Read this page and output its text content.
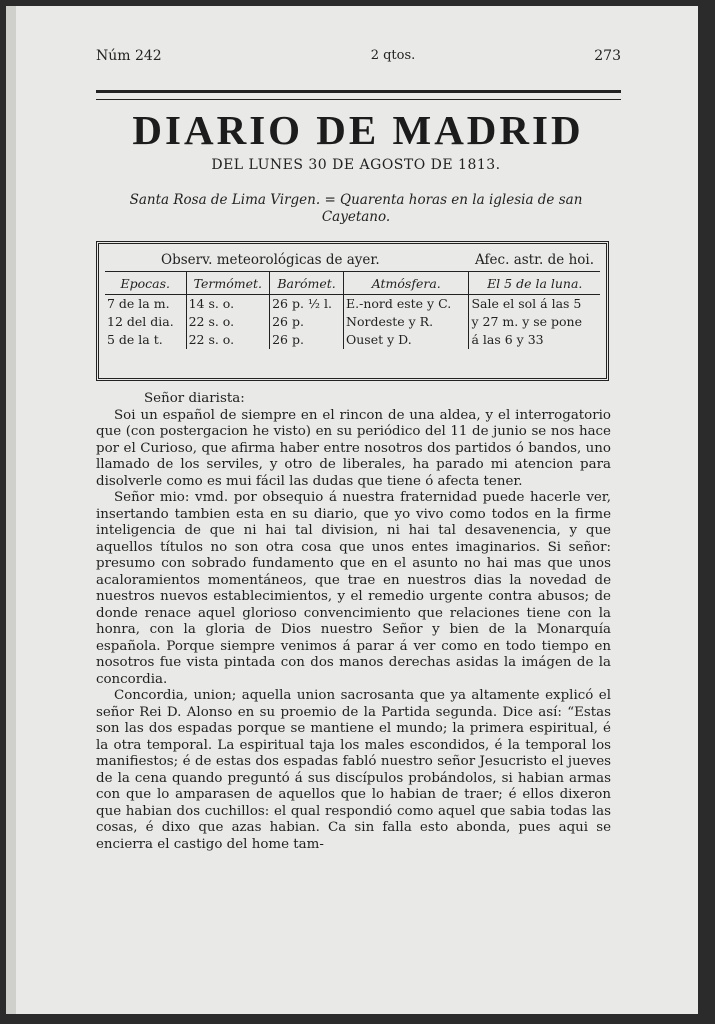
Núm 242	2 qtos.	273
DIARIO DE MADRID
DEL LUNES 30 DE AGOSTO DE 1813.
Santa Rosa de Lima Virgen. = Quarenta horas en la iglesia de san Cayetano.
Observ. meteorológicas de ayer.	Afec. astr. de hoi.
Epocas.	Termómet.	Barómet.	Atmósfera.	El 5 de la luna.
7 de la m.	14 s. o.	26 p. ½ l.	E.-nord este y C.	Sale el sol á las 5
12 del dia.	22 s. o.	26 p.	Nordeste y R.	y 27 m. y se pone
5 de la t.	22 s. o.	26 p.	Ouset y D.	á las 6 y 33

Señor diarista:

Soi un español de siempre en el rincon de una aldea, y el interrogatorio que (con postergacion he visto) en su periódico del 11 de junio se nos hace por el Curioso, que afirma haber entre nosotros dos partidos ó bandos, uno llamado de los serviles, y otro de liberales, ha parado mi atencion para disolverle como es mui fácil las dudas que tiene ó afecta tener.

Señor mio: vmd. por obsequio á nuestra fraternidad puede hacerle ver, insertando tambien esta en su diario, que yo vivo como todos en la firme inteligencia de que ni hai tal division, ni hai tal desavenencia, y que aquellos títulos no son otra cosa que unos entes imaginarios. Si señor: presumo con sobrado fundamento que en el asunto no hai mas que unos acaloramientos momentáneos, que trae en nuestros dias la novedad de nuestros nuevos establecimientos, y el remedio urgente contra abusos; de donde renace aquel glorioso convencimiento que relaciones tiene con la honra, con la gloria de Dios nuestro Señor y bien de la Monarquía española. Porque siempre venimos á parar á ver como en todo tiempo en nosotros fue vista pintada con dos manos derechas asidas la imágen de la concordia.

Concordia, union; aquella union sacrosanta que ya altamente explicó el señor Rei D. Alonso en su proemio de la Partida segunda. Dice así: “Estas son las dos espadas porque se mantiene el mundo; la primera espiritual, é la otra temporal. La espiritual taja los males escondidos, é la temporal los manifiestos; é de estas dos espadas fabló nuestro señor Jesucristo el jueves de la cena quando preguntó á sus discípulos probándolos, si habian armas con que lo amparasen de aquellos que lo habian de traer; é ellos dixeron que habian dos cuchillos: el qual respondió como aquel que sabia todas las cosas, é dixo que azas habian. Ca sin falla esto abonda, pues aqui se encierra el castigo del home tam-
